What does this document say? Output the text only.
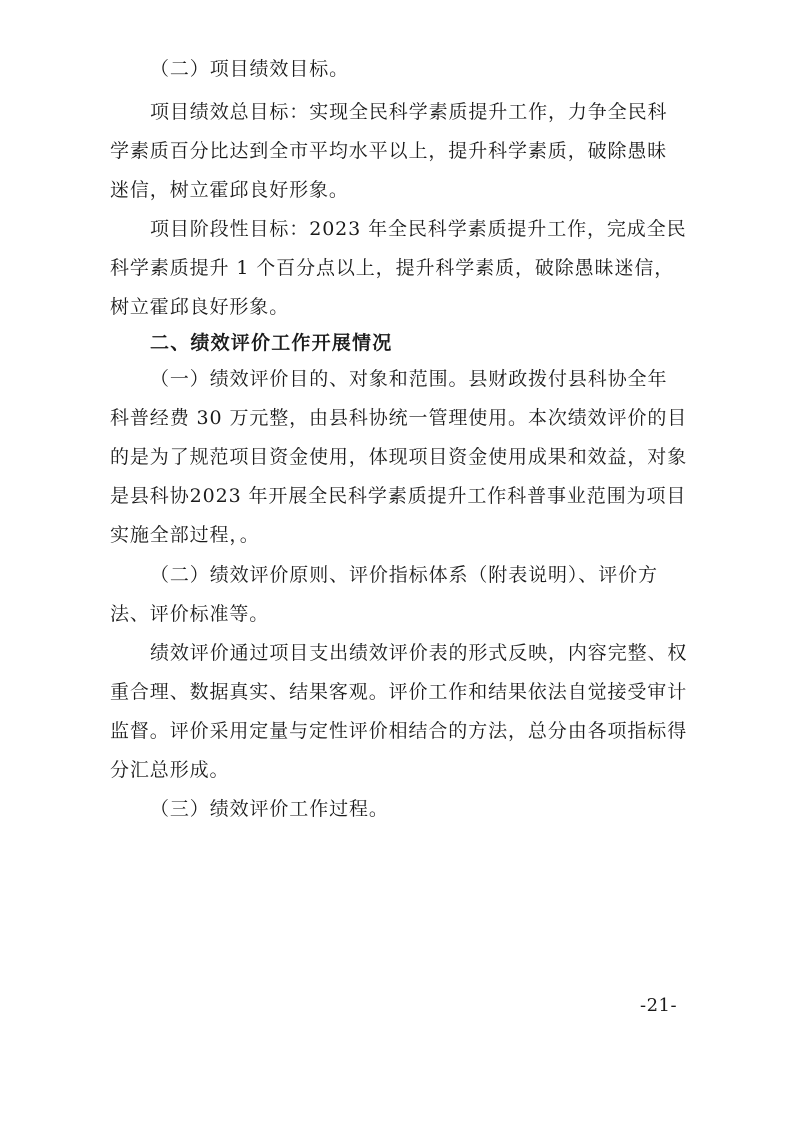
（二）项目绩效目标。
项目绩效总目标：实现全民科学素质提升工作，力争全民科
学素质百分比达到全市平均水平以上，提升科学素质，破除愚昧
迷信，树立霍邱良好形象。
项目阶段性目标：2023 年全民科学素质提升工作，完成全民
科学素质提升 1 个百分点以上，提升科学素质，破除愚昧迷信，
树立霍邱良好形象。
二、绩效评价工作开展情况
（一）绩效评价目的、对象和范围。县财政拨付县科协全年
科普经费 30 万元整，由县科协统一管理使用。本次绩效评价的目
的是为了规范项目资金使用，体现项目资金使用成果和效益，对象
是县科协2023 年开展全民科学素质提升工作科普事业范围为项目
实施全部过程，。
（二）绩效评价原则、评价指标体系（附表说明）、评价方
法、评价标准等。
绩效评价通过项目支出绩效评价表的形式反映，内容完整、权
重合理、数据真实、结果客观。评价工作和结果依法自觉接受审计
监督。评价采用定量与定性评价相结合的方法，总分由各项指标得
分汇总形成。
（三）绩效评价工作过程。
-21-
